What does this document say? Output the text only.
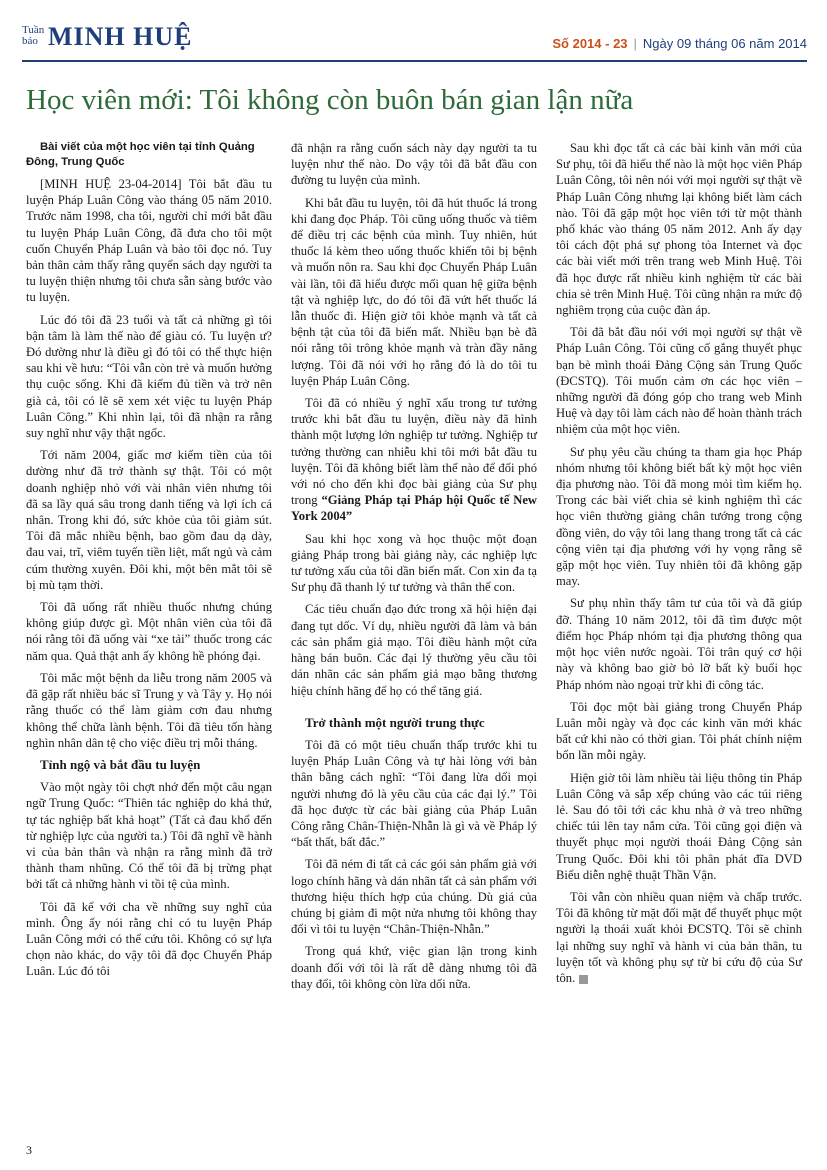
Tuần báo MINH HUỆ	Số 2014 - 23 | Ngày 09 tháng 06 năm 2014
Học viên mới: Tôi không còn buôn bán gian lận nữa

Bài viết của một học viên tại tỉnh Quảng Đông, Trung Quốc

[MINH HUỆ 23-04-2014] Tôi bắt đầu tu luyện Pháp Luân Công vào tháng 05 năm 2010. Trước năm 1998, cha tôi, người chỉ mới bắt đầu tu luyện Pháp Luân Công, đã đưa cho tôi một cuốn Chuyển Pháp Luân và bảo tôi đọc nó. Tuy bản thân cảm thấy rằng quyển sách dạy người ta tu luyện thiện nhưng tôi chưa sẵn sàng bước vào tu luyện.

Lúc đó tôi đã 23 tuổi và tất cả những gì tôi bận tâm là làm thế nào để giàu có. Tu luyện ư? Đó dường như là điều gì đó tôi có thể thực hiện sau khi về hưu: “Tôi vẫn còn trẻ và muốn hưởng thụ cuộc sống. Khi đã kiếm đủ tiền và trở nên già cả, tôi có lẽ sẽ xem xét việc tu luyện Pháp Luân Công.” Khi nhìn lại, tôi đã nhận ra rằng suy nghĩ như vậy thật ngốc.

Tới năm 2004, giấc mơ kiếm tiền của tôi dường như đã trở thành sự thật. Tôi có một doanh nghiệp nhỏ với vài nhân viên nhưng tôi đã sa lầy quá sâu trong danh tiếng và lợi ích cá nhân. Trong khi đó, sức khỏe của tôi giảm sút. Tôi đã mắc nhiều bệnh, bao gồm đau dạ dày, đau vai, trĩ, viêm tuyến tiền liệt, mất ngủ và cảm cúm thường xuyên. Đôi khi, một bên mắt tôi sẽ bị mù tạm thời.

Tôi đã uống rất nhiều thuốc nhưng chúng không giúp được gì. Một nhân viên của tôi đã nói rằng tôi đã uống vài “xe tải” thuốc trong các năm qua. Quả thật anh ấy không hề phóng đại.

Tôi mắc một bệnh da liễu trong năm 2005 và đã gặp rất nhiều bác sĩ Trung y và Tây y. Họ nói rằng thuốc có thể làm giảm cơn đau nhưng không thể chữa lành bệnh. Tôi đã tiêu tốn hàng nghìn nhân dân tệ cho việc điều trị mỗi tháng.

Tỉnh ngộ và bắt đầu tu luyện

Vào một ngày tôi chợt nhớ đến một câu ngạn ngữ Trung Quốc: “Thiên tác nghiệp do khả thứ, tự tác nghiệp bất khả hoạt” (Tất cả đau khổ đến từ nghiệp lực của người ta.) Tôi đã nghĩ về hành vi của bản thân và nhận ra rằng mình đã trở thành tham nhũng. Có thể tôi đã bị trừng phạt bởi tất cả những hành vi tồi tệ của mình.

Tôi đã kể với cha về những suy nghĩ của mình. Ông ấy nói rằng chỉ có tu luyện Pháp Luân Công mới có thể cứu tôi. Không có sự lựa chọn nào khác, do vậy tôi đã đọc Chuyển Pháp Luân. Lúc đó tôi

đã nhận ra rằng cuốn sách này dạy người ta tu luyện như thế nào. Do vậy tôi đã bắt đầu con đường tu luyện của mình.

Khi bắt đầu tu luyện, tôi đã hút thuốc lá trong khi đang đọc Pháp. Tôi cũng uống thuốc và tiêm để điều trị các bệnh của mình. Tuy nhiên, hút thuốc lá kèm theo uống thuốc khiến tôi bị bệnh và muốn nôn ra. Sau khi đọc Chuyển Pháp Luân vài lần, tôi đã hiểu được mối quan hệ giữa bệnh tật và nghiệp lực, do đó tôi đã vứt hết thuốc lá lẫn thuốc đi. Hiện giờ tôi khỏe mạnh và tất cả bệnh tật của tôi đã biến mất. Nhiều bạn bè đã nói rằng tôi trông khỏe mạnh và tràn đầy năng lượng. Tôi đã nói với họ rằng đó là do tôi tu luyện Pháp Luân Công.

Tôi đã có nhiều ý nghĩ xấu trong tư tưởng trước khi bắt đầu tu luyện, điều này đã hình thành một lượng lớn nghiệp tư tưởng. Nghiệp tư tưởng thường can nhiễu khi tôi mới bắt đầu tu luyện. Tôi đã không biết làm thế nào để đối phó với nó cho đến khi đọc bài giảng của Sư phụ trong “Giảng Pháp tại Pháp hội Quốc tế New York 2004”

Sau khi học xong và học thuộc một đoạn giảng Pháp trong bài giảng này, các nghiệp lực tư tưởng xấu của tôi dần biến mất. Con xin đa tạ Sư phụ đã thanh lý tư tưởng và thân thể con.

Các tiêu chuẩn đạo đức trong xã hội hiện đại đang tụt dốc. Ví dụ, nhiều người đã làm và bán các sản phẩm giả mạo. Tôi điều hành một cửa hàng bán buôn. Các đại lý thường yêu cầu tôi dán nhãn các sản phẩm giả mạo bằng thương hiệu chính hãng để họ có thể tăng giá.

Trở thành một người trung thực

Tôi đã có một tiêu chuẩn thấp trước khi tu luyện Pháp Luân Công và tự hài lòng với bản thân bằng cách nghĩ: “Tôi đang lừa dối mọi người nhưng đó là yêu cầu của các đại lý.” Tôi đã học được từ các bài giảng của Pháp Luân Công rằng Chân-Thiện-Nhẫn là gì và về Pháp lý “bất thất, bất đắc.”

Tôi đã ném đi tất cả các gói sản phẩm giả với logo chính hãng và dán nhãn tất cả sản phẩm với thương hiệu thích hợp của chúng. Dù giá của chúng bị giảm đi một nửa nhưng tôi không thay đổi vì tôi tu luyện “Chân-Thiện-Nhẫn.”

Trong quá khứ, việc gian lận trong kinh doanh đối với tôi là rất dễ dàng nhưng tôi đã thay đổi, tôi không còn lừa dối nữa.

Sau khi đọc tất cả các bài kinh văn mới của Sư phụ, tôi đã hiểu thế nào là một học viên Pháp Luân Công, tôi nên nói với mọi người sự thật về Pháp Luân Công nhưng lại không biết làm cách nào. Tôi đã gặp một học viên tới từ một thành phố khác vào tháng 05 năm 2012. Anh ấy dạy tôi cách đột phá sự phong tỏa Internet và đọc các bài viết mới trên trang web Minh Huệ. Tôi đã học được rất nhiều kinh nghiệm từ các bài chia sẻ trên Minh Huệ. Tôi cũng nhận ra mức độ nghiêm trọng của cuộc đàn áp.

Tôi đã bắt đầu nói với mọi người sự thật về Pháp Luân Công. Tôi cũng cố gắng thuyết phục bạn bè mình thoái Đảng Cộng sản Trung Quốc (ĐCSTQ). Tôi muốn cảm ơn các học viên – những người đã đóng góp cho trang web Minh Huệ và dạy tôi làm cách nào để hoàn thành trách nhiệm của một học viên.

Sư phụ yêu cầu chúng ta tham gia học Pháp nhóm nhưng tôi không biết bất kỳ một học viên địa phương nào. Tôi đã mong mỏi tìm kiếm họ. Trong các bài viết chia sẻ kinh nghiệm thì các học viên thường giảng chân tướng trong cộng đồng viên, do vậy tôi lang thang trong tất cả các cộng viên tại địa phương với hy vọng rằng sẽ gặp một học viên. Tuy nhiên tôi đã không gặp may.

Sư phụ nhìn thấy tâm tư của tôi và đã giúp đỡ. Tháng 10 năm 2012, tôi đã tìm được một điểm học Pháp nhóm tại địa phương thông qua một học viên nước ngoài. Tôi trân quý cơ hội này và không bao giờ bỏ lỡ bất kỳ buổi học Pháp nhóm nào ngoại trừ khi đi công tác.

Tôi đọc một bài giảng trong Chuyển Pháp Luân mỗi ngày và đọc các kinh văn mới khác bất cứ khi nào có thời gian. Tôi phát chính niệm bốn lần mỗi ngày.

Hiện giờ tôi làm nhiều tài liệu thông tin Pháp Luân Công và sắp xếp chúng vào các túi riêng lẻ. Sau đó tôi tới các khu nhà ở và treo những chiếc túi lên tay nắm cửa. Tôi cũng gọi điện và thuyết phục mọi người thoái Đảng Cộng sản Trung Quốc. Đôi khi tôi phân phát đĩa DVD Biểu diễn nghệ thuật Thần Vận.

Tôi vẫn còn nhiều quan niệm và chấp trước. Tôi đã không từ mặt đối mặt để thuyết phục một người lạ thoái xuất khỏi ĐCSTQ. Tôi sẽ chỉnh lại những suy nghĩ và hành vi của bản thân, tu luyện tốt và không phụ sự từ bi cứu độ của Sư tôn.

3
